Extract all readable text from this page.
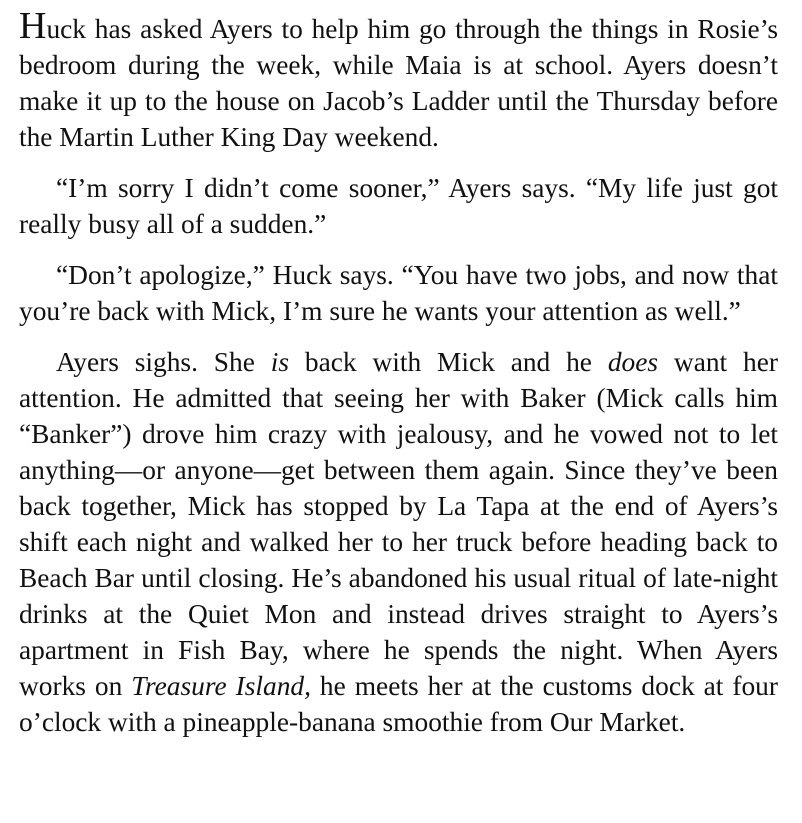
Huck has asked Ayers to help him go through the things in Rosie’s bedroom during the week, while Maia is at school. Ayers doesn’t make it up to the house on Jacob’s Ladder until the Thursday before the Martin Luther King Day weekend.

“I’m sorry I didn’t come sooner,” Ayers says. “My life just got really busy all of a sudden.”

“Don’t apologize,” Huck says. “You have two jobs, and now that you’re back with Mick, I’m sure he wants your attention as well.”

Ayers sighs. She is back with Mick and he does want her attention. He admitted that seeing her with Baker (Mick calls him “Banker”) drove him crazy with jealousy, and he vowed not to let anything—or anyone—get between them again. Since they’ve been back together, Mick has stopped by La Tapa at the end of Ayers’s shift each night and walked her to her truck before heading back to Beach Bar until closing. He’s abandoned his usual ritual of late-night drinks at the Quiet Mon and instead drives straight to Ayers’s apartment in Fish Bay, where he spends the night. When Ayers works on Treasure Island, he meets her at the customs dock at four o’clock with a pineapple-banana smoothie from Our Market.
